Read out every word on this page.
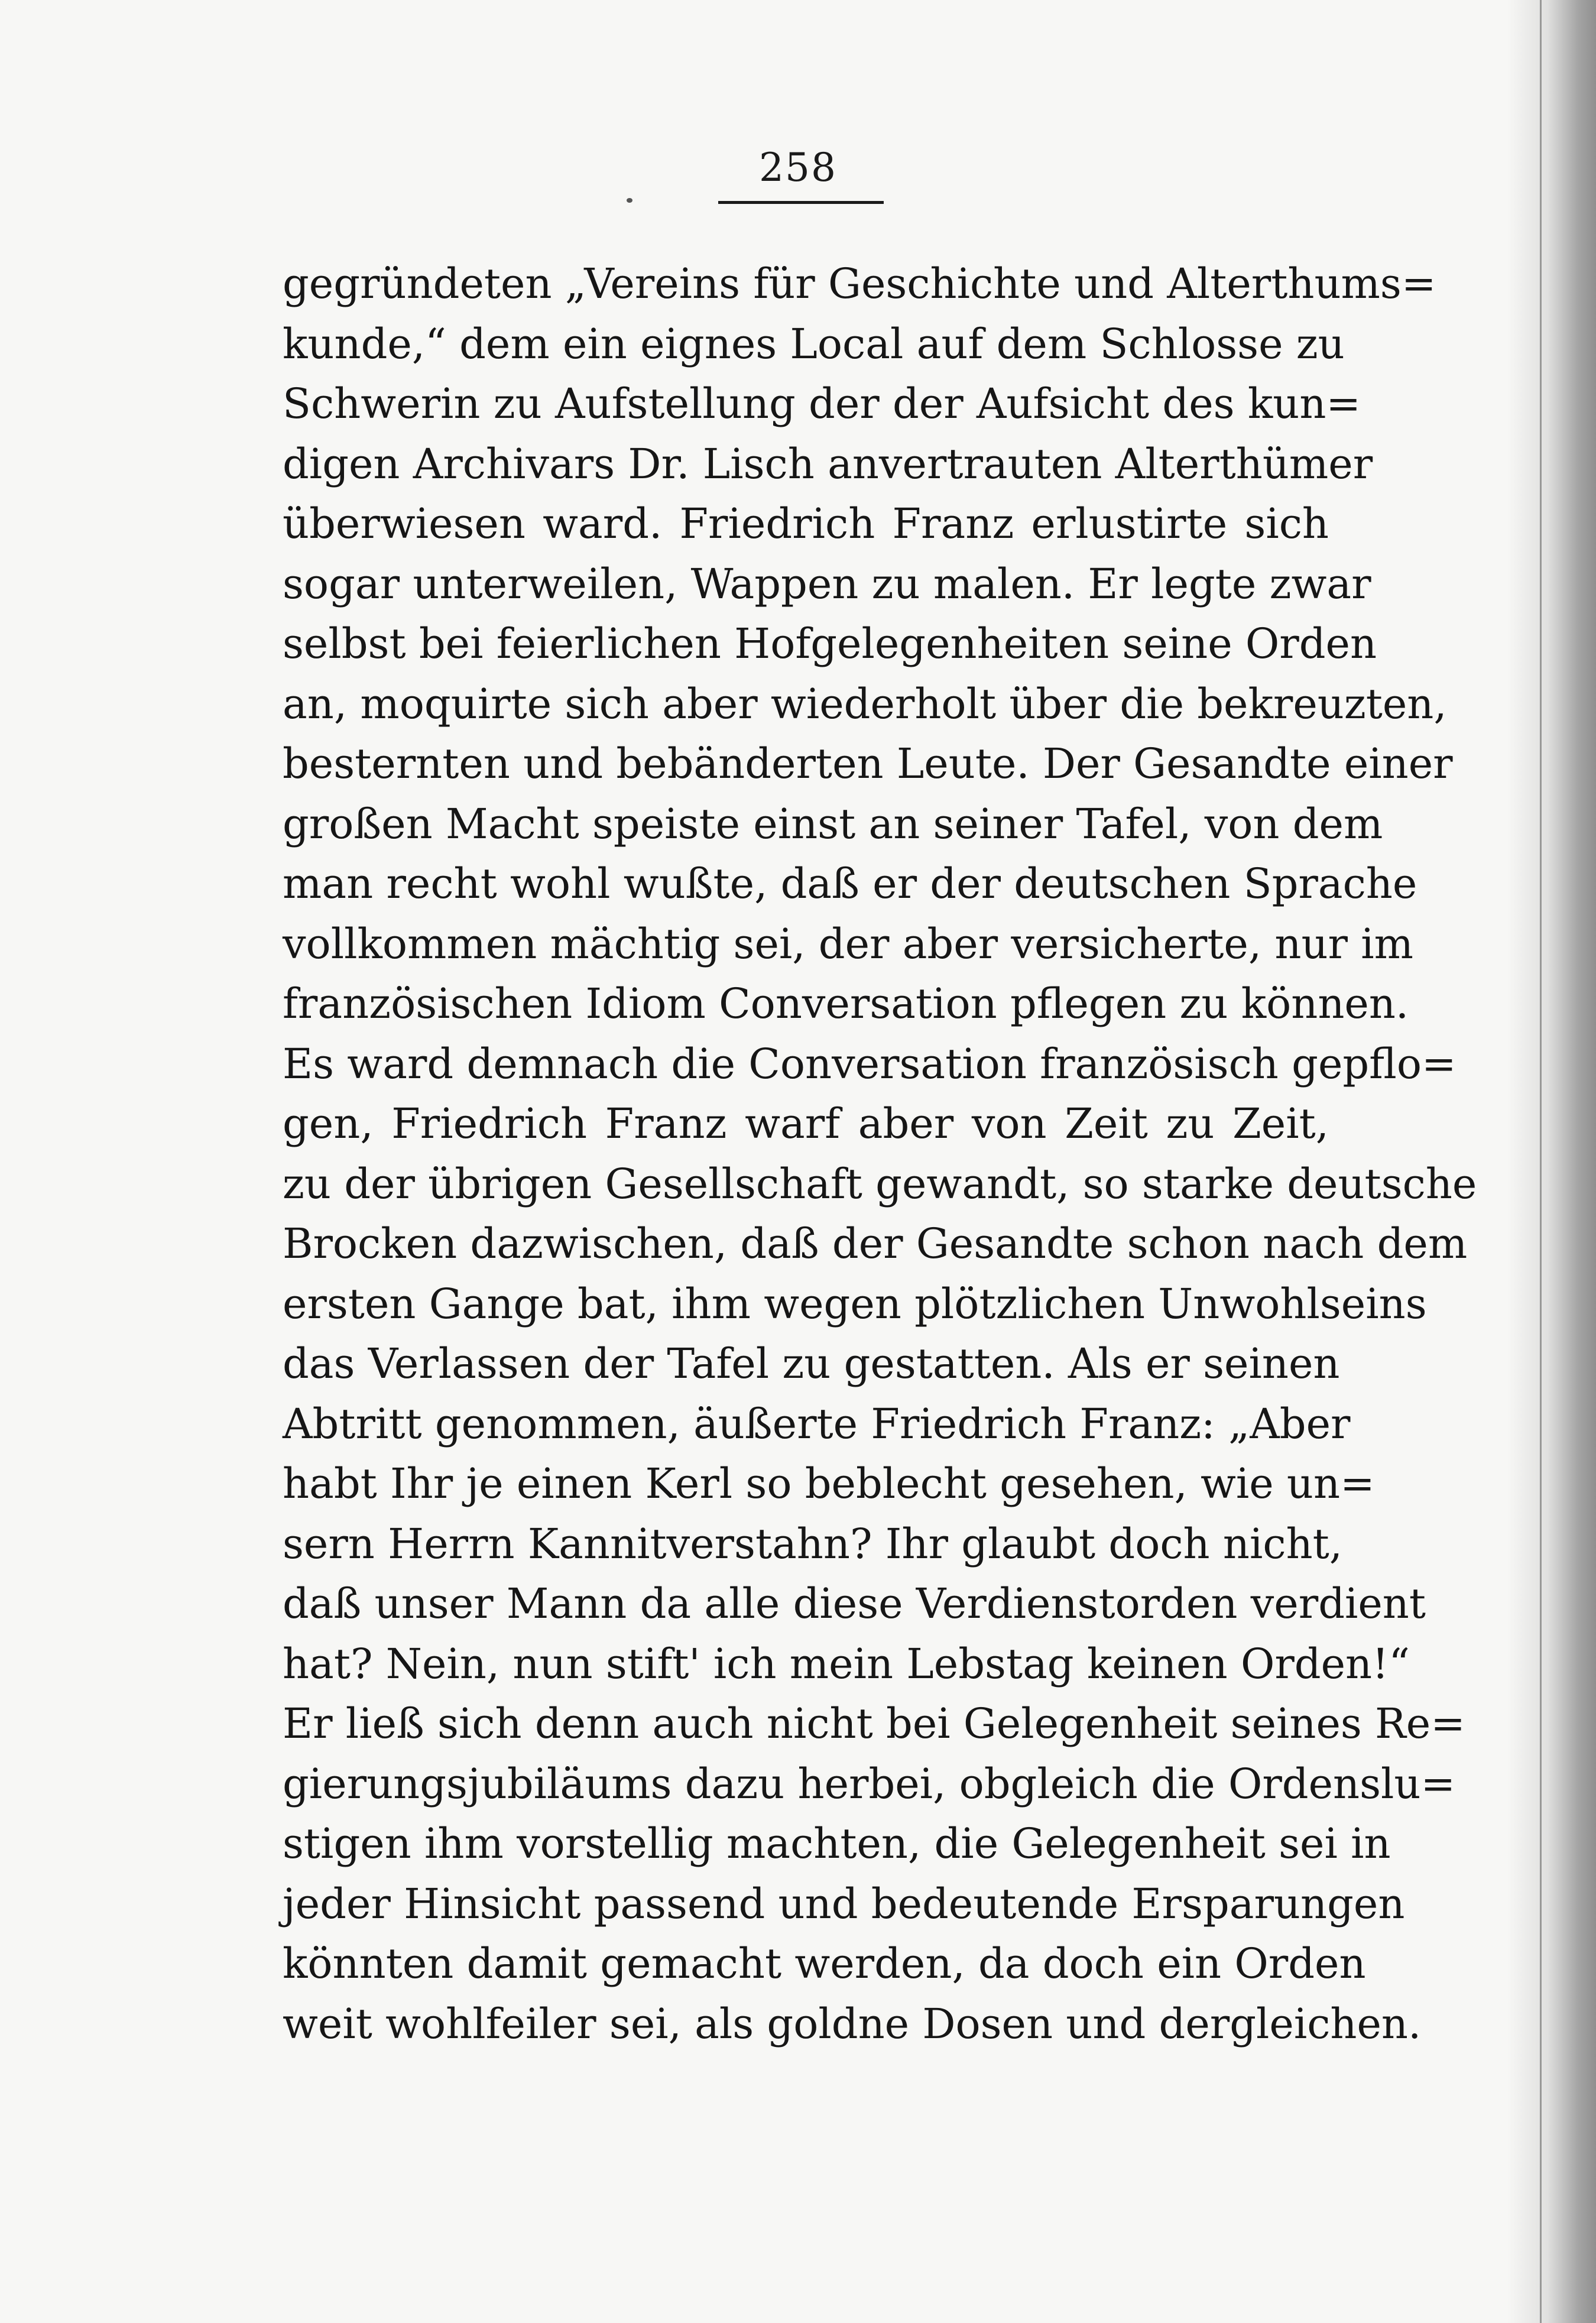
258
gegründeten „Vereins für Geschichte und Alterthums=
kunde,“ dem ein eignes Local auf dem Schlosse zu
Schwerin zu Aufstellung der der Aufsicht des kun=
digen Archivars Dr. Lisch anvertrauten Alterthümer
überwiesen ward. Friedrich Franz erlustirte sich
sogar unterweilen, Wappen zu malen. Er legte zwar
selbst bei feierlichen Hofgelegenheiten seine Orden
an, moquirte sich aber wiederholt über die bekreuzten,
besternten und bebänderten Leute. Der Gesandte einer
großen Macht speiste einst an seiner Tafel, von dem
man recht wohl wußte, daß er der deutschen Sprache
vollkommen mächtig sei, der aber versicherte, nur im
französischen Idiom Conversation pflegen zu können.
Es ward demnach die Conversation französisch gepflo=
gen, Friedrich Franz warf aber von Zeit zu Zeit,
zu der übrigen Gesellschaft gewandt, so starke deutsche
Brocken dazwischen, daß der Gesandte schon nach dem
ersten Gange bat, ihm wegen plötzlichen Unwohlseins
das Verlassen der Tafel zu gestatten. Als er seinen
Abtritt genommen, äußerte Friedrich Franz: „Aber
habt Ihr je einen Kerl so beblecht gesehen, wie un=
sern Herrn Kannitverstahn? Ihr glaubt doch nicht,
daß unser Mann da alle diese Verdienstorden verdient
hat? Nein, nun stift' ich mein Lebstag keinen Orden!“
Er ließ sich denn auch nicht bei Gelegenheit seines Re=
gierungsjubiläums dazu herbei, obgleich die Ordenslu=
stigen ihm vorstellig machten, die Gelegenheit sei in
jeder Hinsicht passend und bedeutende Ersparungen
könnten damit gemacht werden, da doch ein Orden
weit wohlfeiler sei, als goldne Dosen und dergleichen.
